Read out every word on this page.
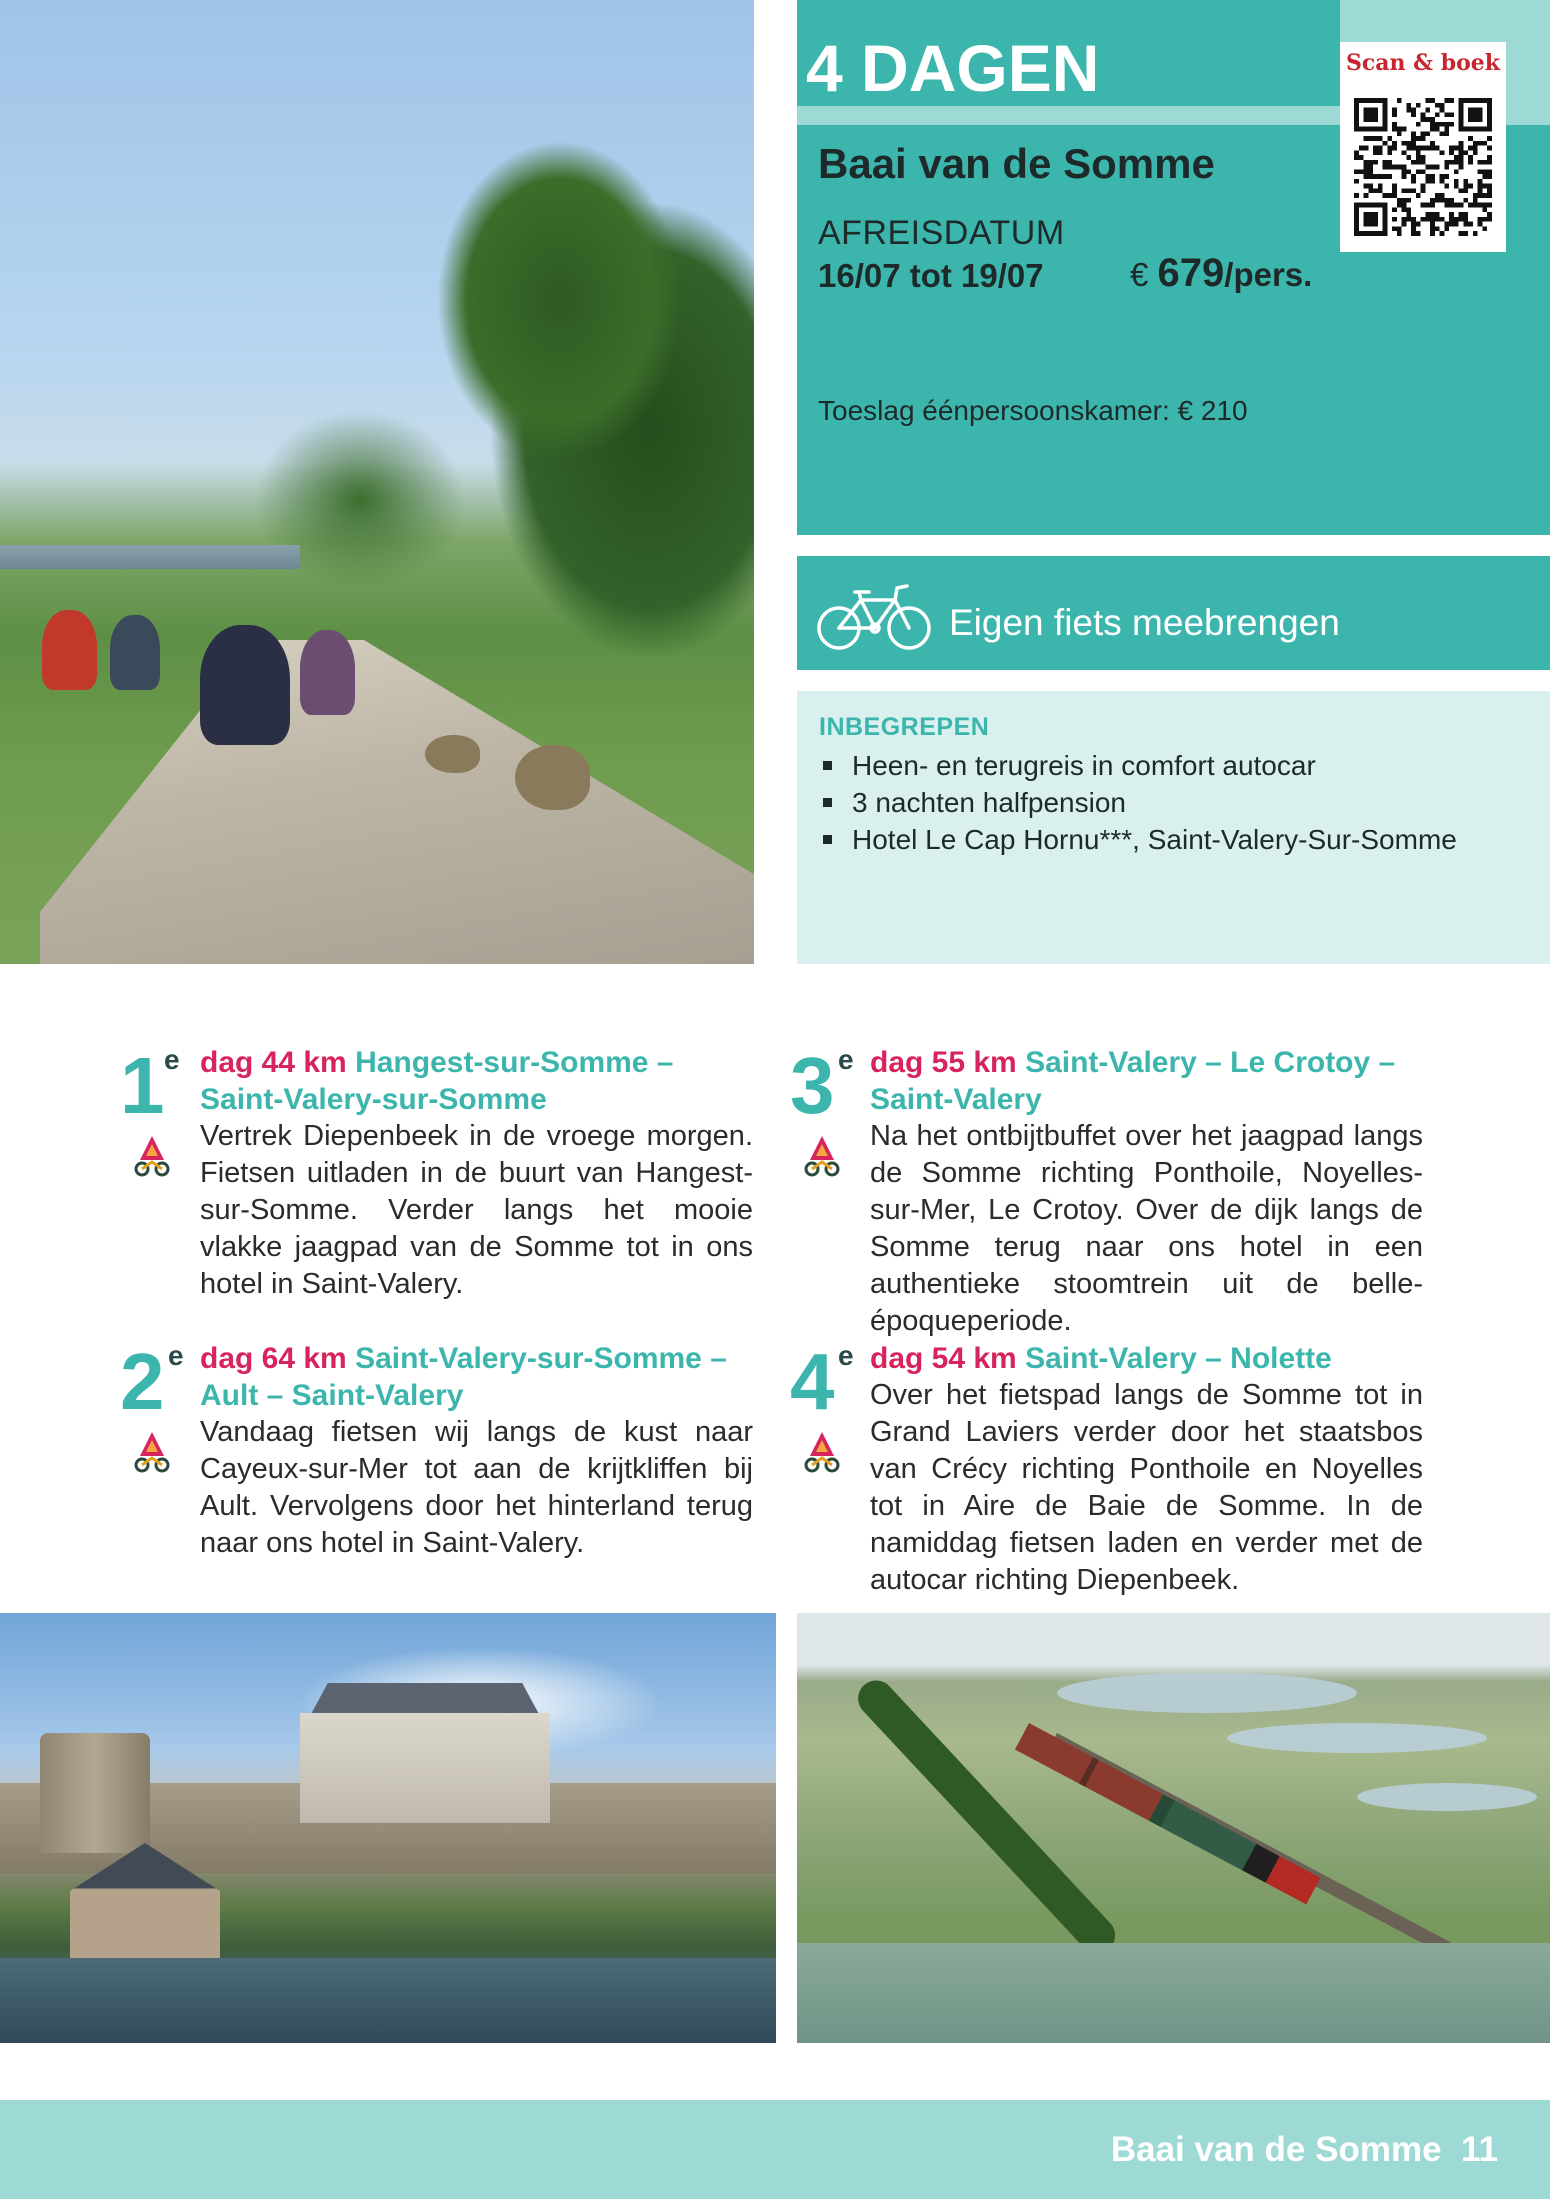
4 DAGEN
Baai van de Somme
AFREISDATUM
16/07 tot 19/07	€ 679/pers.
Toeslag éénpersoonskamer: € 210
Scan & boek
Eigen fiets meebrengen
INBEGREPEN
Heen- en terugreis in comfort autocar
3 nachten halfpension
Hotel Le Cap Hornu***, Saint-Valery-Sur-Somme
1 e dag 44 km Hangest-sur-Somme –
Saint-Valery-sur-Somme
Vertrek Diepenbeek in de vroege morgen. Fietsen uitladen in de buurt van Hangest-sur-Somme. Verder langs het mooie vlakke jaagpad van de Somme tot in ons hotel in Saint-Valery.
2 e dag 64 km Saint-Valery-sur-Somme –
Ault – Saint-Valery
Vandaag fietsen wij langs de kust naar Cayeux-sur-Mer tot aan de krijtkliffen bij Ault. Vervolgens door het hinterland terug naar ons hotel in Saint-Valery.
3 e dag 55 km Saint-Valery – Le Crotoy –
Saint-Valery
Na het ontbijtbuffet over het jaagpad langs de Somme richting Ponthoile, Noyelles-sur-Mer, Le Crotoy. Over de dijk langs de Somme terug naar ons hotel in een authentieke stoomtrein uit de belle-époqueperiode.
4 e dag 54 km Saint-Valery – Nolette
Over het fietspad langs de Somme tot in Grand Laviers verder door het staatsbos van Crécy richting Ponthoile en Noyelles tot in Aire de Baie de Somme. In de namiddag fietsen laden en verder met de autocar richting Diepenbeek.
Baai van de Somme 11
